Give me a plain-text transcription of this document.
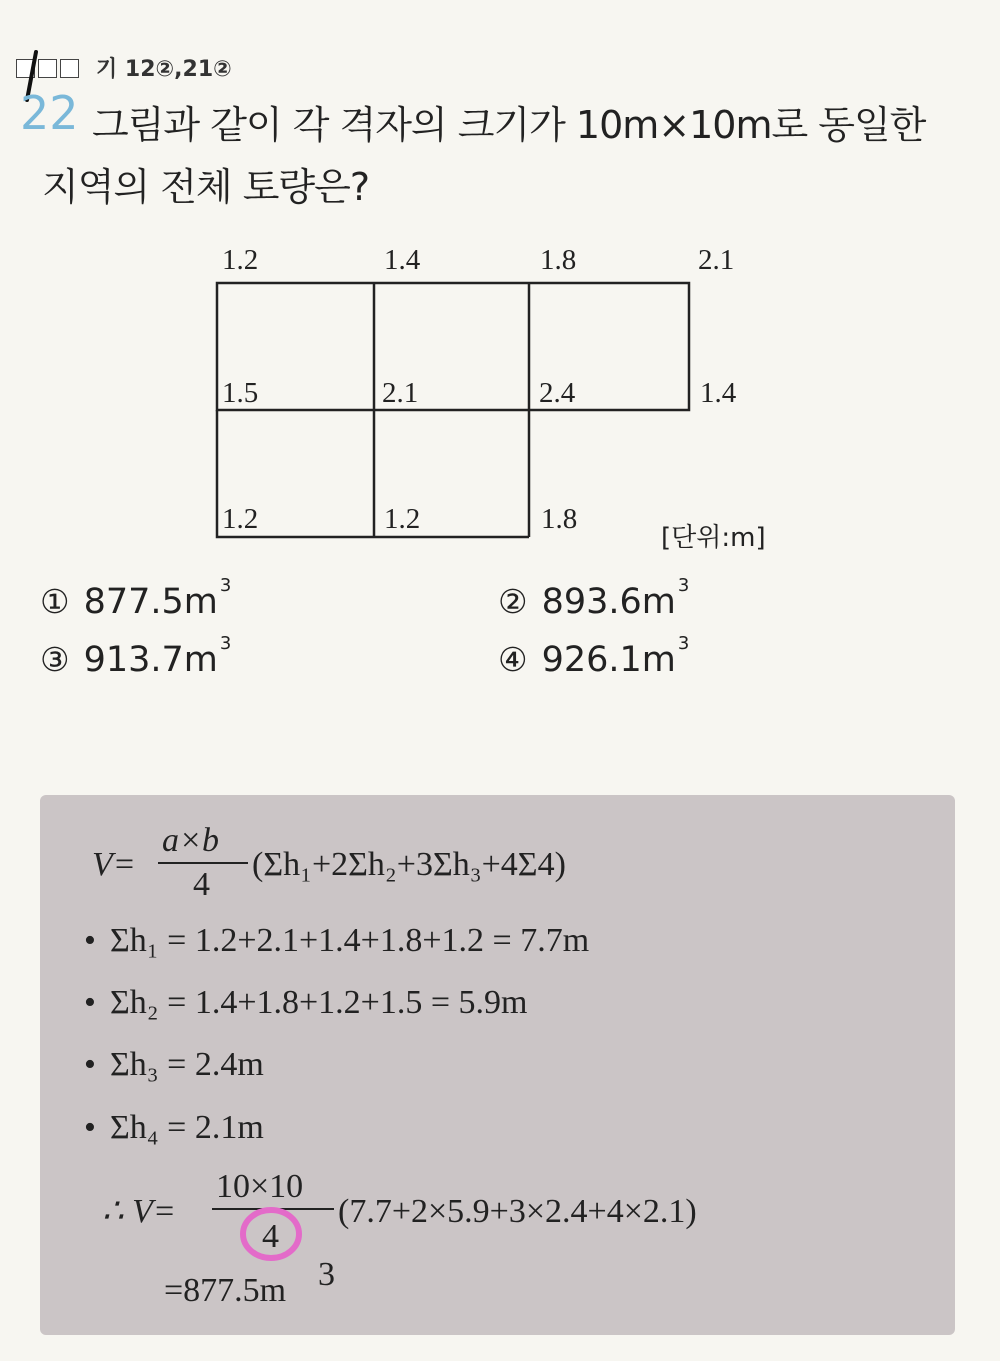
기 12②,21②
22 그림과 같이 각 격자의 크기가 10m×10m로 동일한
지역의 전체 토량은?
1.2	1.4	1.8	2.1
1.5	2.1	2.4	1.4
1.2	1.2	1.8
[단위:m]
① 877.5m $^3$	② 893.6m $^3$
③ 913.7m $^3$	④ 926.1m $^3$
V=
a×b
4
(Σh₁+2Σh₂+3Σh₃+4Σ4)
• Σh₁ = 1.2+2.1+1.4+1.8+1.2 = 7.7m
• Σh₂ = 1.4+1.8+1.2+1.5 = 5.9m
• Σh₃ = 2.4m
• Σh₄ = 2.1m
∴ V=
10×10
4
(7.7+2×5.9+3×2.4+4×2.1)
=877.5m 3
